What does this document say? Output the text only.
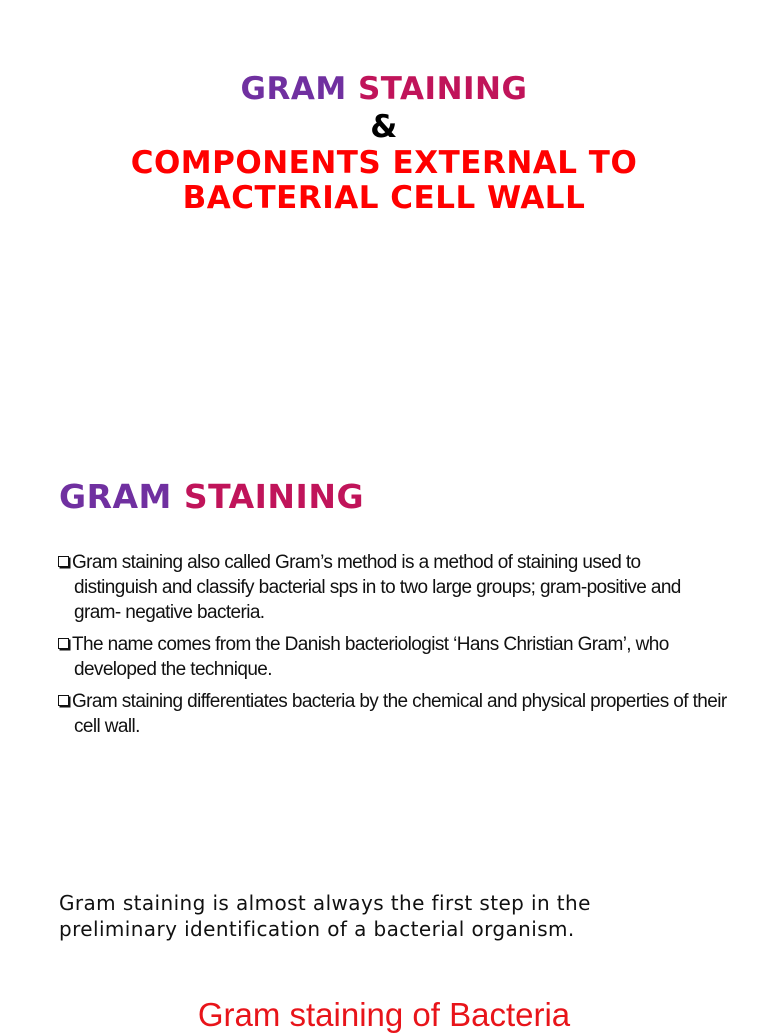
GRAM STAINING
&
COMPONENTS EXTERNAL TO
BACTERIAL CELL WALL
GRAM STAINING
Gram staining also called Gram’s method is a method of staining used to distinguish and classify bacterial sps in to two large groups; gram-positive and gram- negative bacteria.
The name comes from the Danish bacteriologist ‘Hans Christian Gram’, who developed the technique.
Gram staining differentiates bacteria by the chemical and physical properties of their cell wall.
Gram staining is almost always the first step in the preliminary identification of a bacterial organism.
Gram staining of Bacteria
